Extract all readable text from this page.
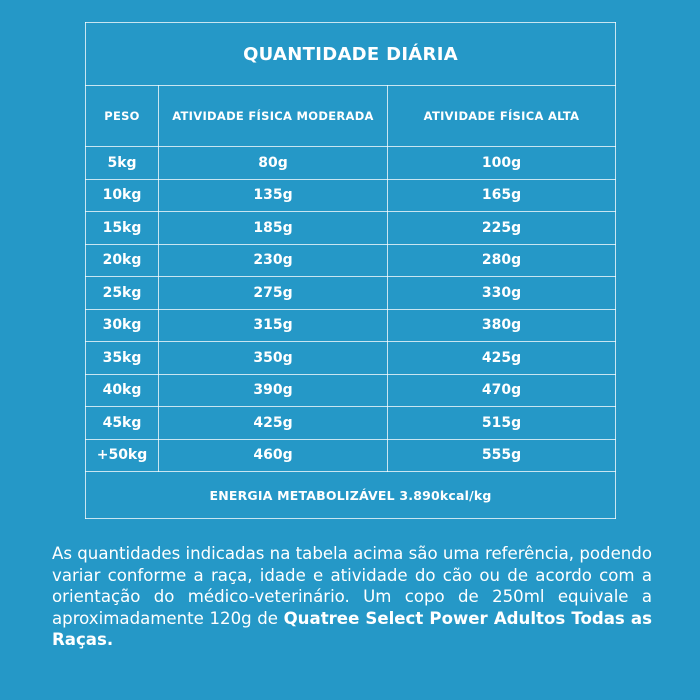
QUANTIDADE DIÁRIA		
PESO	ATIVIDADE FÍSICA MODERADA	ATIVIDADE FÍSICA ALTA
5kg	80g	100g
10kg	135g	165g
15kg	185g	225g
20kg	230g	280g
25kg	275g	330g
30kg	315g	380g
35kg	350g	425g
40kg	390g	470g
45kg	425g	515g
+50kg	460g	555g
ENERGIA METABOLIZÁVEL 3.890kcal/kg		

As quantidades indicadas na tabela acima são uma referência, podendo variar conforme a raça, idade e atividade do cão ou de acordo com a orientação do médico-veterinário. Um copo de 250ml equivale a aproximadamente 120g de Quatree Select Power Adultos Todas as Raças.
